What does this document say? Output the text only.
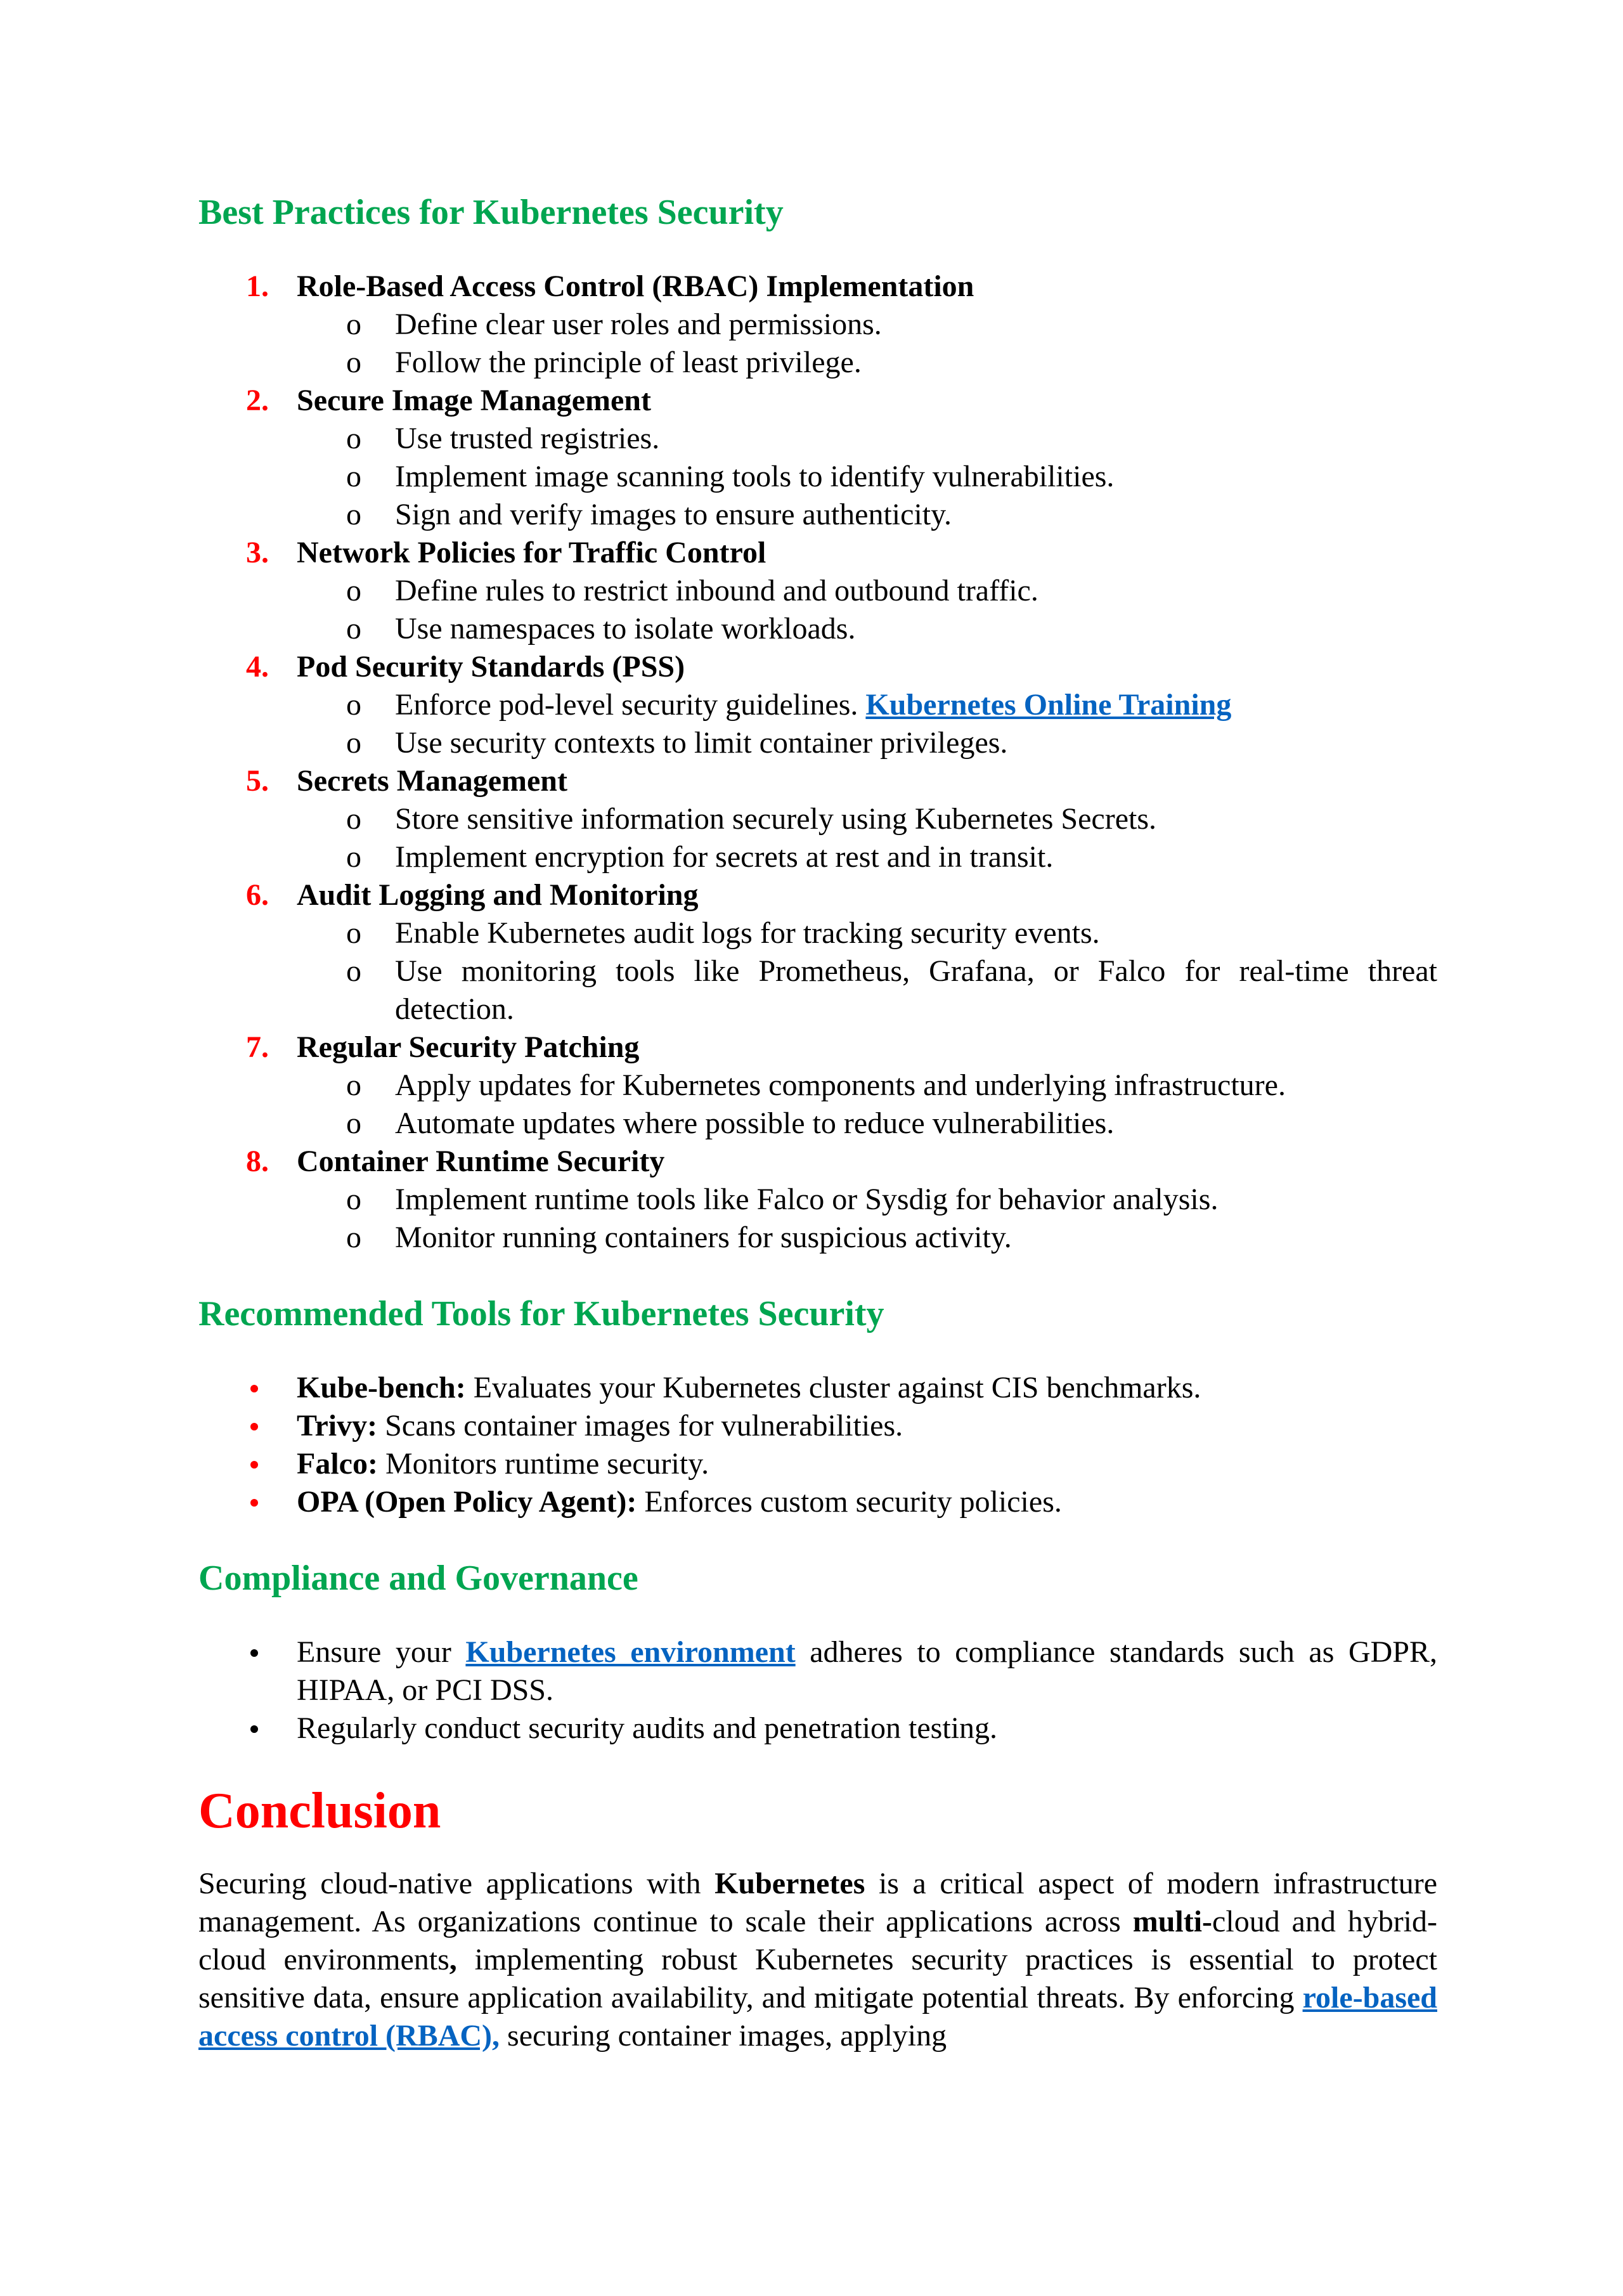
Best Practices for Kubernetes Security
1. Role-Based Access Control (RBAC) Implementation
o Define clear user roles and permissions.
o Follow the principle of least privilege.
2. Secure Image Management
o Use trusted registries.
o Implement image scanning tools to identify vulnerabilities.
o Sign and verify images to ensure authenticity.
3. Network Policies for Traffic Control
o Define rules to restrict inbound and outbound traffic.
o Use namespaces to isolate workloads.
4. Pod Security Standards (PSS)
o Enforce pod-level security guidelines. Kubernetes Online Training
o Use security contexts to limit container privileges.
5. Secrets Management
o Store sensitive information securely using Kubernetes Secrets.
o Implement encryption for secrets at rest and in transit.
6. Audit Logging and Monitoring
o Enable Kubernetes audit logs for tracking security events.
o Use monitoring tools like Prometheus, Grafana, or Falco for real-time threat detection.
7. Regular Security Patching
o Apply updates for Kubernetes components and underlying infrastructure.
o Automate updates where possible to reduce vulnerabilities.
8. Container Runtime Security
o Implement runtime tools like Falco or Sysdig for behavior analysis.
o Monitor running containers for suspicious activity.
Recommended Tools for Kubernetes Security
Kube-bench: Evaluates your Kubernetes cluster against CIS benchmarks.
Trivy: Scans container images for vulnerabilities.
Falco: Monitors runtime security.
OPA (Open Policy Agent): Enforces custom security policies.
Compliance and Governance
Ensure your Kubernetes environment adheres to compliance standards such as GDPR, HIPAA, or PCI DSS.
Regularly conduct security audits and penetration testing.
Conclusion

Securing cloud-native applications with Kubernetes is a critical aspect of modern infrastructure management. As organizations continue to scale their applications across multi-cloud and hybrid-cloud environments, implementing robust Kubernetes security practices is essential to protect sensitive data, ensure application availability, and mitigate potential threats. By enforcing role-based access control (RBAC), securing container images, applying
